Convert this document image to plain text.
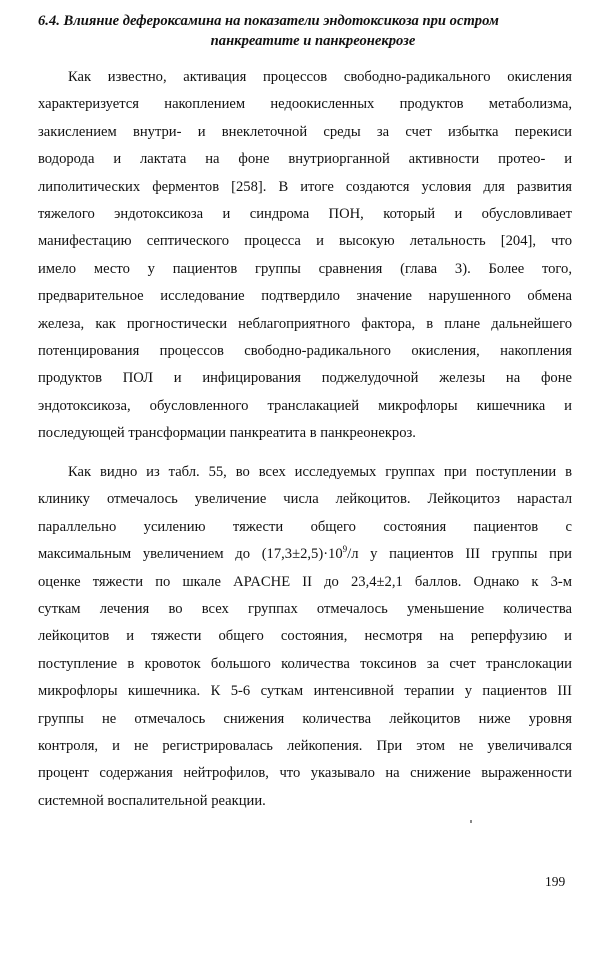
6.4. Влияние дефероксамина на показатели эндотоксикоза при остром
панкреатите и панкреонекрозе
Как известно, активация процессов свободно-радикального окисления
характеризуется накоплением недоокисленных продуктов метаболизма,
закислением внутри- и внеклеточной среды за счет избытка перекиси
водорода и лактата на фоне внутриорганной активности протео- и
липолитических ферментов [258]. В итоге создаются условия для развития
тяжелого эндотоксикоза и синдрома ПОН, который и обусловливает
манифестацию септического процесса и высокую летальность [204], что
имело место у пациентов группы сравнения (глава 3). Более того,
предварительное исследование подтвердило значение нарушенного обмена
железа, как прогностически неблагоприятного фактора, в плане дальнейшего
потенцирования процессов свободно-радикального окисления, накопления
продуктов ПОЛ и инфицирования поджелудочной железы на фоне
эндотоксикоза, обусловленного транслакацией микрофлоры кишечника и
последующей трансформации панкреатита в панкреонекроз.
Как видно из табл. 55, во всех исследуемых группах при поступлении в
клинику отмечалось увеличение числа лейкоцитов. Лейкоцитоз нарастал
параллельно усилению тяжести общего состояния пациентов с
максимальным увеличением до $(17,3\pm 2,5)\cdot 10^9/л$ у пациентов III группы при
оценке тяжести по шкале APACHE II до 23,4±2,1 баллов. Однако к 3-м
суткам лечения во всех группах отмечалось уменьшение количества
лейкоцитов и тяжести общего состояния, несмотря на реперфузию и
поступление в кровоток большого количества токсинов за счет транслокации
микрофлоры кишечника. К 5-6 суткам интенсивной терапии у пациентов III
группы не отмечалось снижения количества лейкоцитов ниже уровня
контроля, и не регистрировалась лейкопения. При этом не увеличивался
процент содержания нейтрофилов, что указывало на снижение выраженности
системной воспалительной реакции.
199
